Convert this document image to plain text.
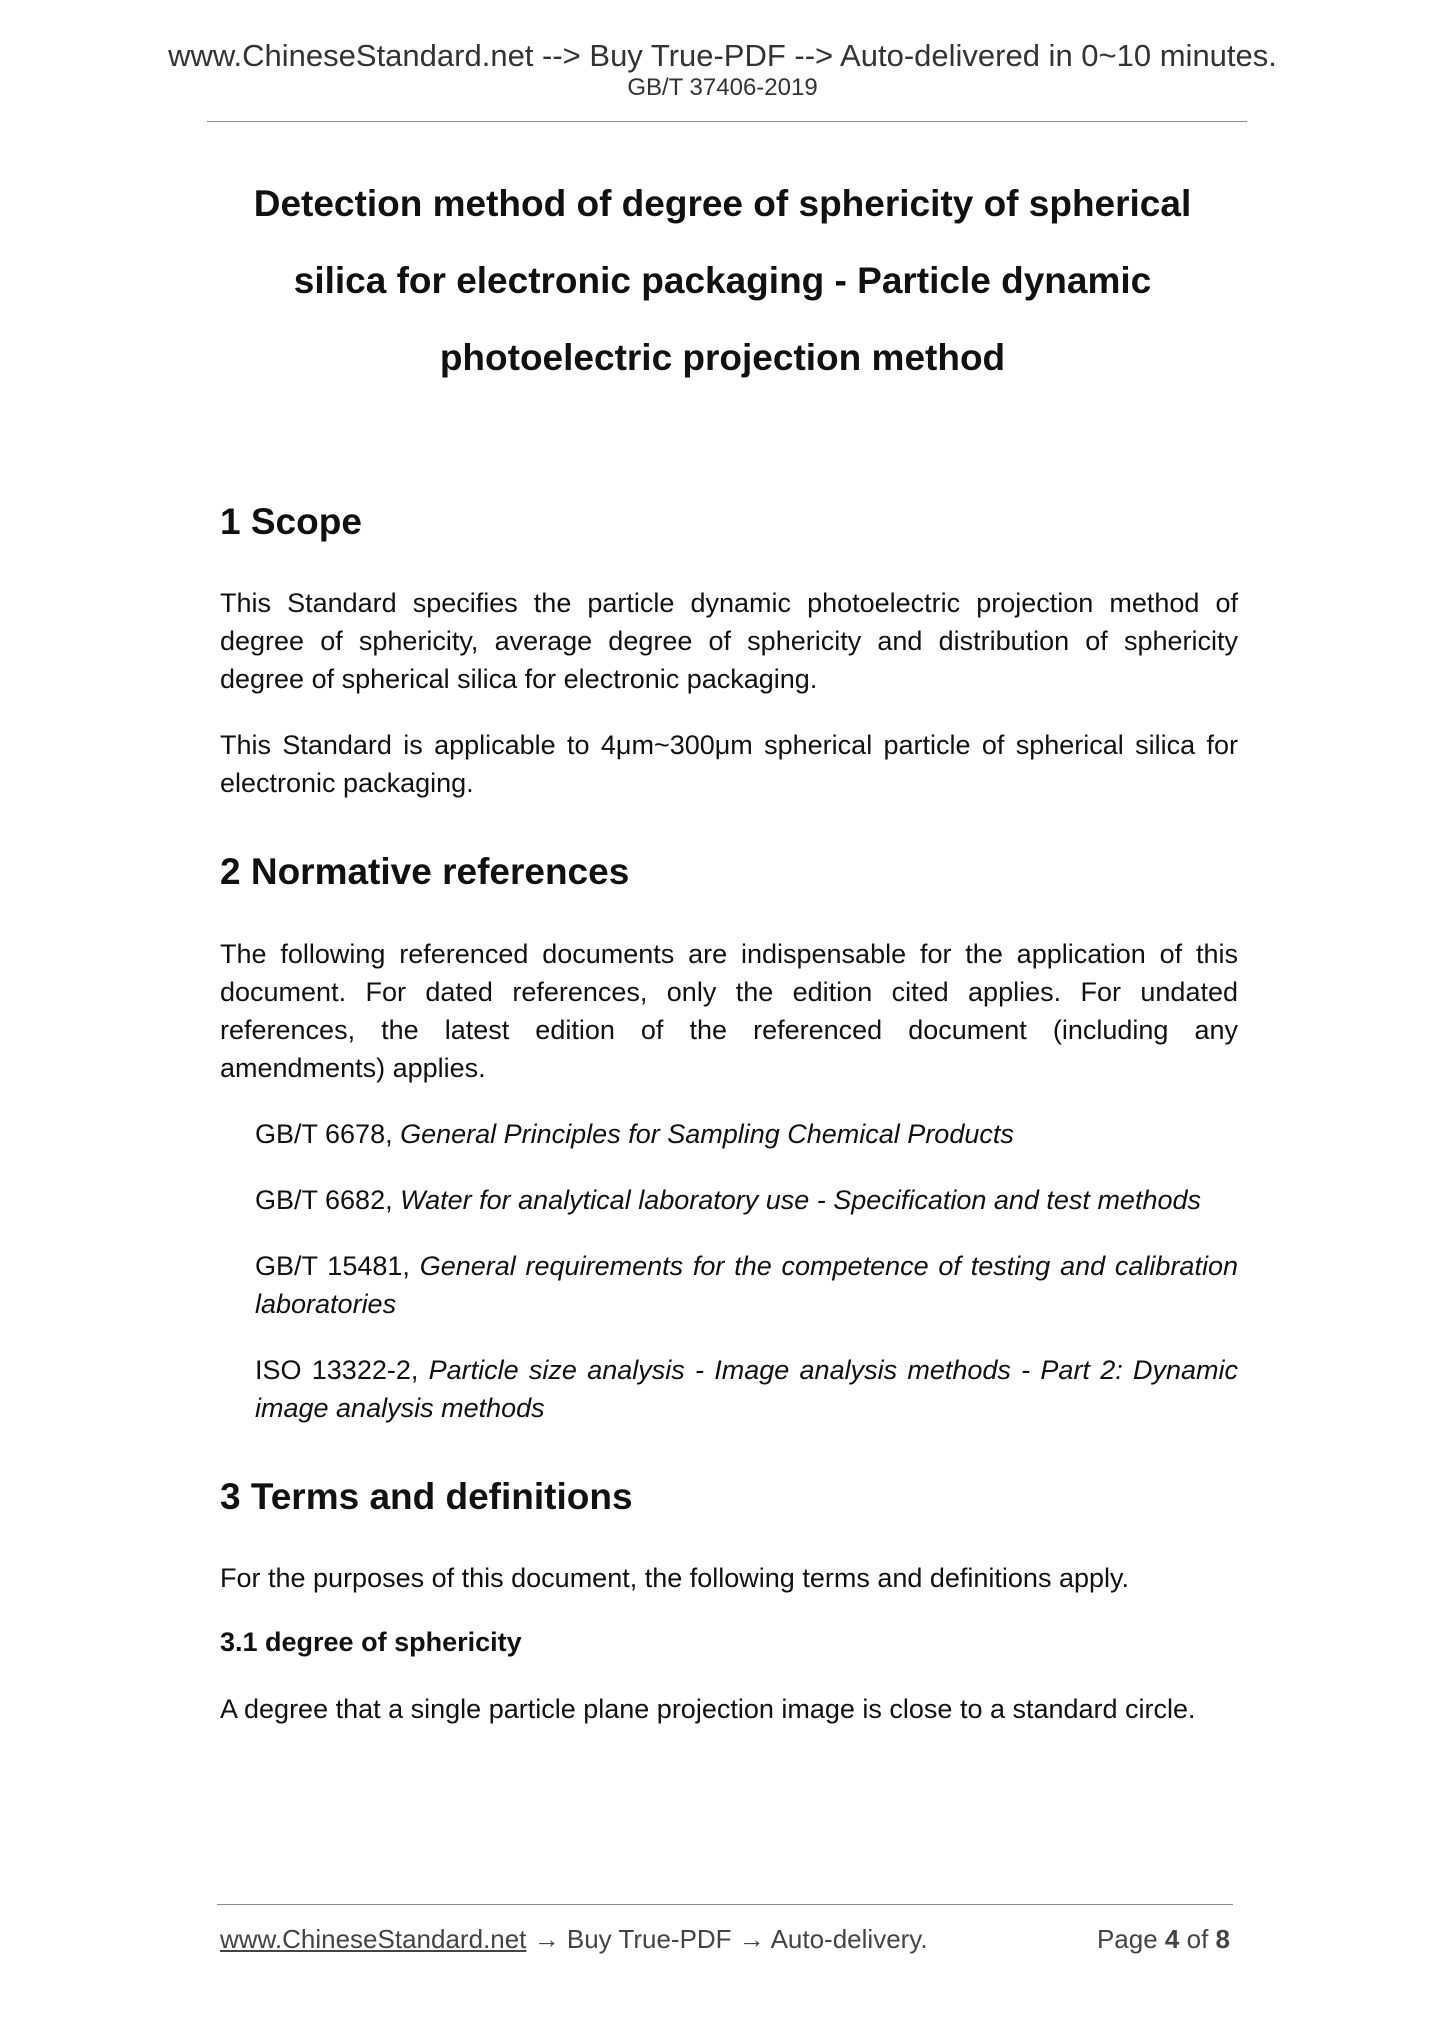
www.ChineseStandard.net --> Buy True-PDF --> Auto-delivered in 0~10 minutes.
GB/T 37406-2019
Detection method of degree of sphericity of spherical
silica for electronic packaging - Particle dynamic
photoelectric projection method
1 Scope

This Standard specifies the particle dynamic photoelectric projection method of degree of sphericity, average degree of sphericity and distribution of sphericity degree of spherical silica for electronic packaging.

This Standard is applicable to 4μm~300μm spherical particle of spherical silica for electronic packaging.

2 Normative references

The following referenced documents are indispensable for the application of this document. For dated references, only the edition cited applies. For undated references, the latest edition of the referenced document (including any amendments) applies.

GB/T 6678, General Principles for Sampling Chemical Products

GB/T 6682, Water for analytical laboratory use - Specification and test methods

GB/T 15481, General requirements for the competence of testing and calibration laboratories

ISO 13322-2, Particle size analysis - Image analysis methods - Part 2: Dynamic image analysis methods

3 Terms and definitions

For the purposes of this document, the following terms and definitions apply.

3.1 degree of sphericity

A degree that a single particle plane projection image is close to a standard circle.

www.ChineseStandard.net → Buy True-PDF → Auto-delivery.	Page 4 of 8
